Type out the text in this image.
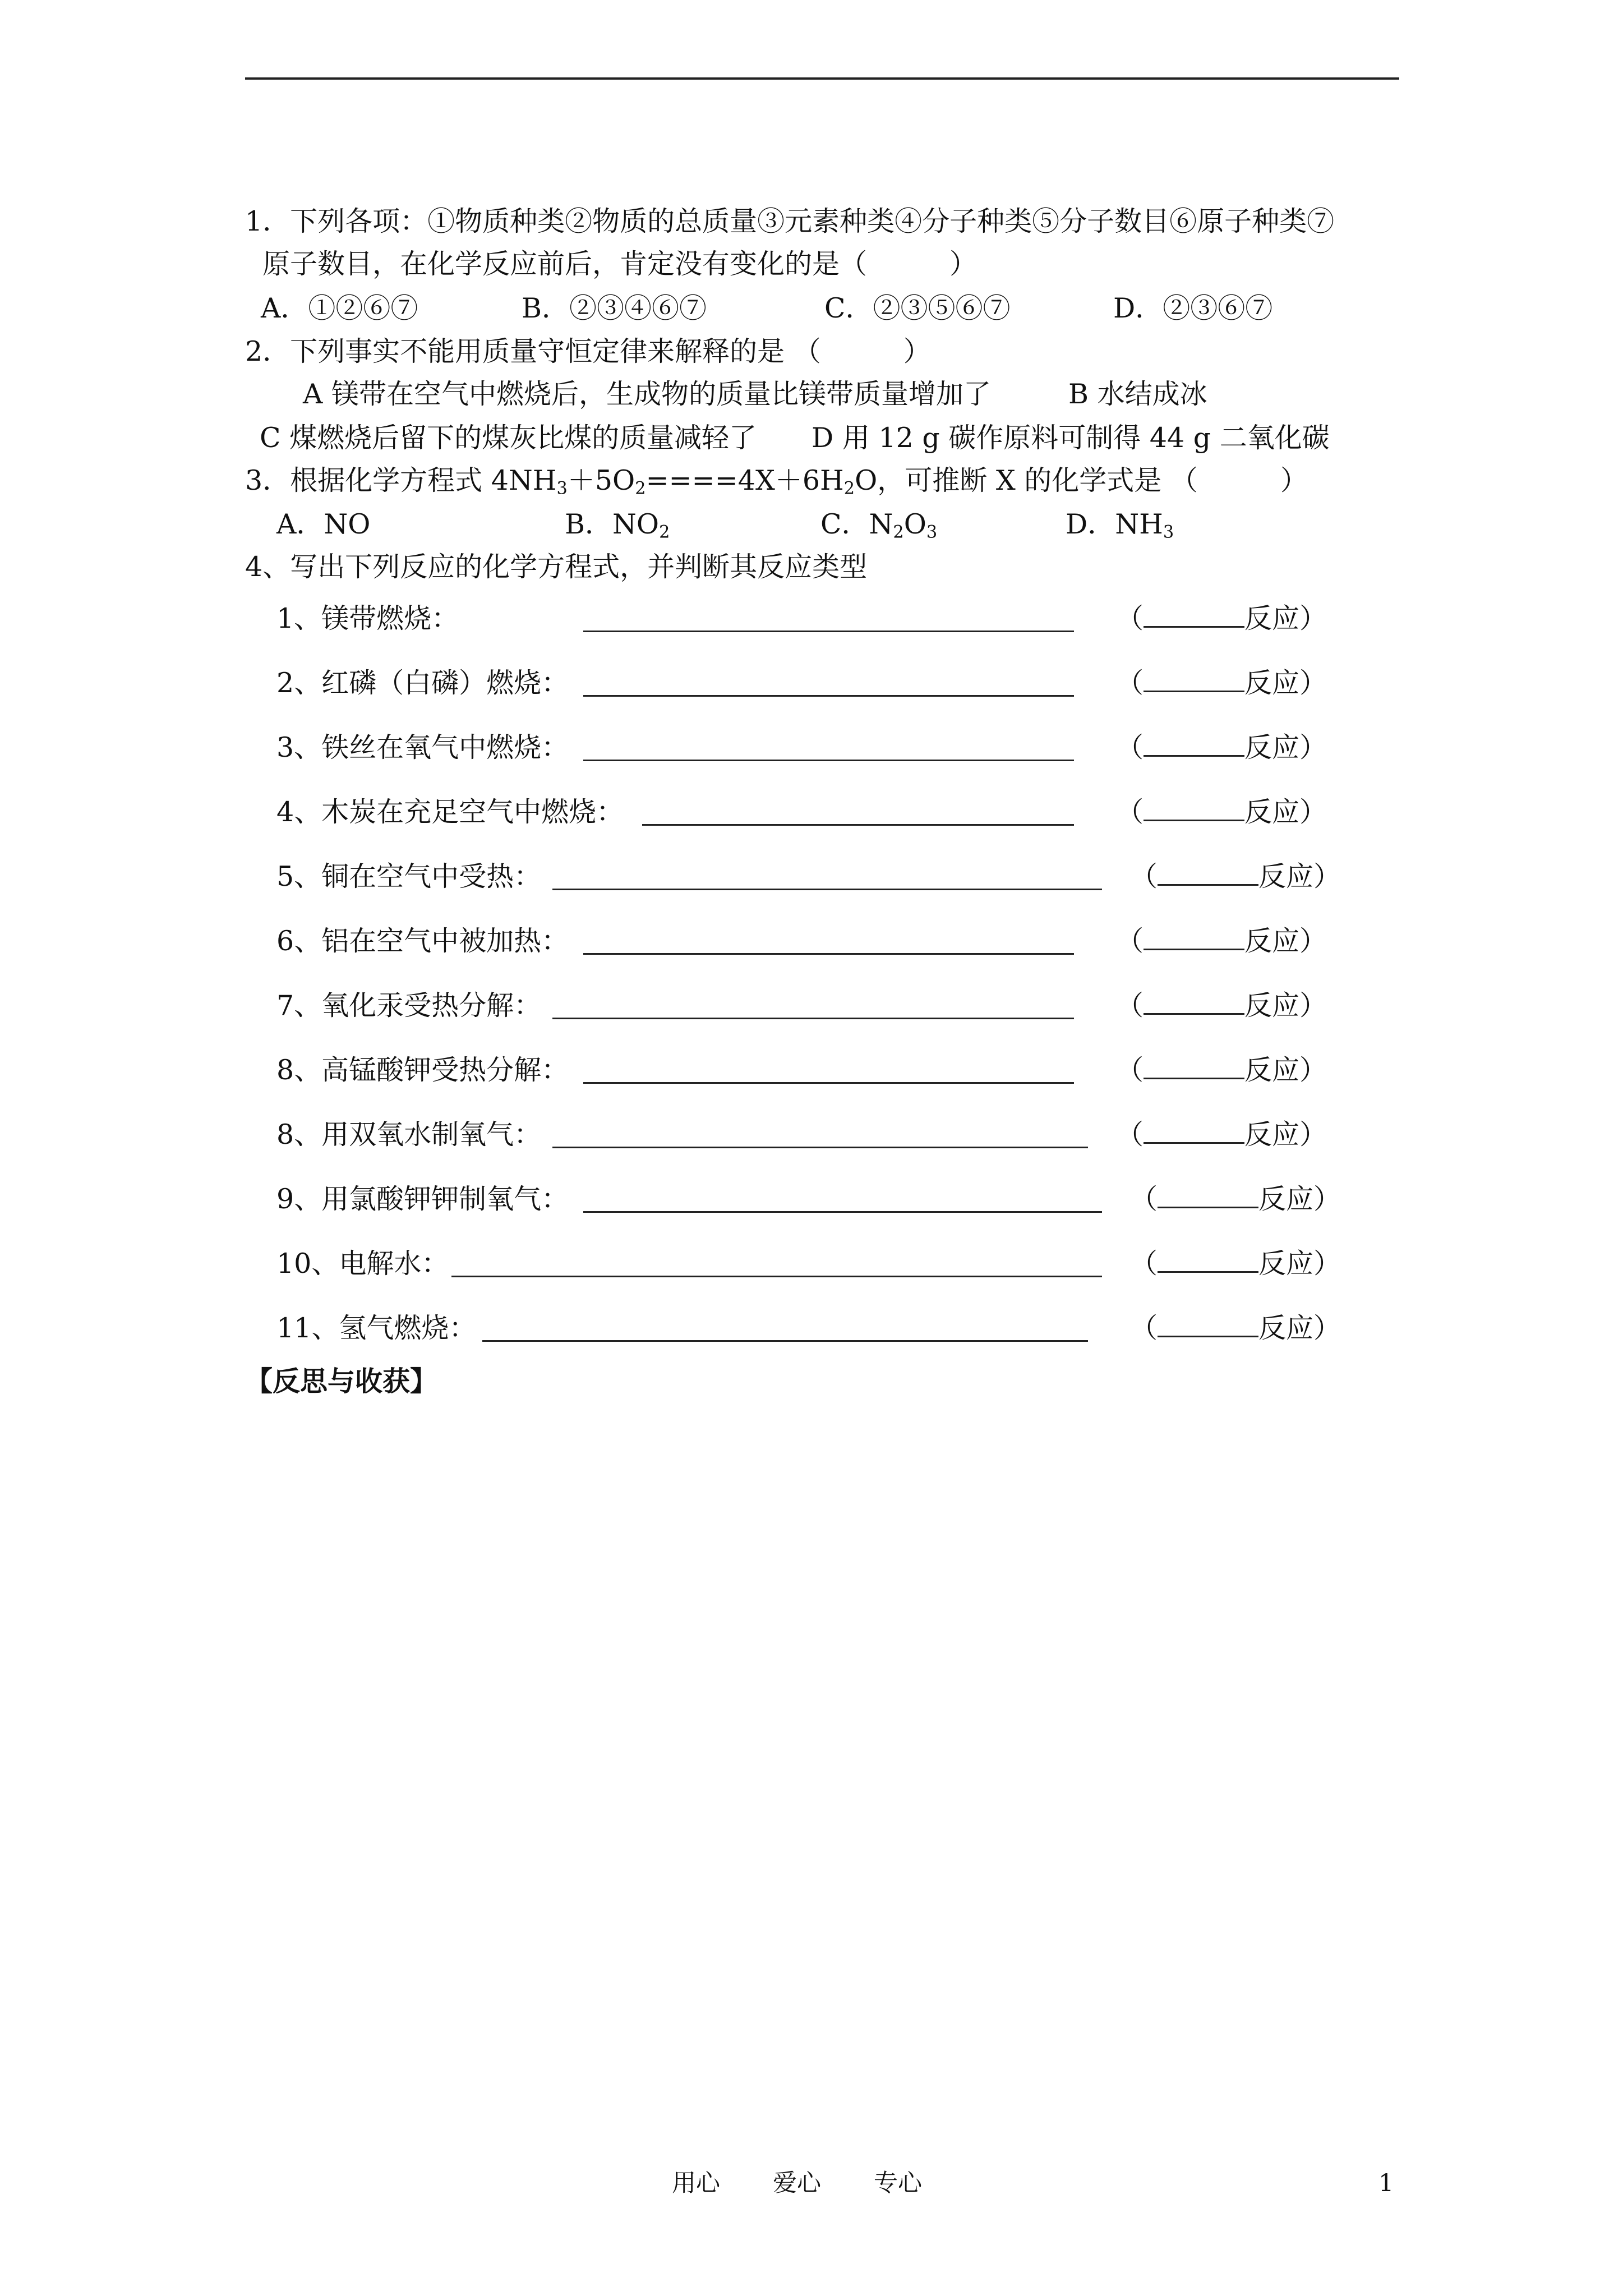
1．下列各项：①物质种类②物质的总质量③元素种类④分子种类⑤分子数目⑥原子种类⑦
原子数目，在化学反应前后，肯定没有变化的是（　　　）
A．①②⑥⑦	B．②③④⑥⑦	C．②③⑤⑥⑦	D．②③⑥⑦
2．下列事实不能用质量守恒定律来解释的是 （　　　）
A 镁带在空气中燃烧后，生成物的质量比镁带质量增加了	B 水结成冰
C 煤燃烧后留下的煤灰比煤的质量减轻了 D 用 12 g 碳作原料可制得 44 g 二氧化碳
3．根据化学方程式 $4NH_3+5O_2====4X+6H_2O$，可推断 X 的化学式是 （　　　）
A．NO	B．$NO_2$	C．$N_2O_3$	D．$NH_3$
4、写出下列反应的化学方程式，并判断其反应类型
1、镁带燃烧：	（	反应）
2、红磷（白磷）燃烧：	（	反应）
3、铁丝在氧气中燃烧：	（	反应）
4、木炭在充足空气中燃烧：	（	反应）
5、铜在空气中受热：	（	反应）
6、铝在空气中被加热：	（	反应）
7、氧化汞受热分解：	（	反应）
8、高锰酸钾受热分解：	（	反应）
8、用双氧水制氧气：	（	反应）
9、用氯酸钾钾制氧气：	（	反应）
10、电解水：	（	反应）
11、氢气燃烧：	（	反应）
【反思与收获】
用心 爱心 专心	1
